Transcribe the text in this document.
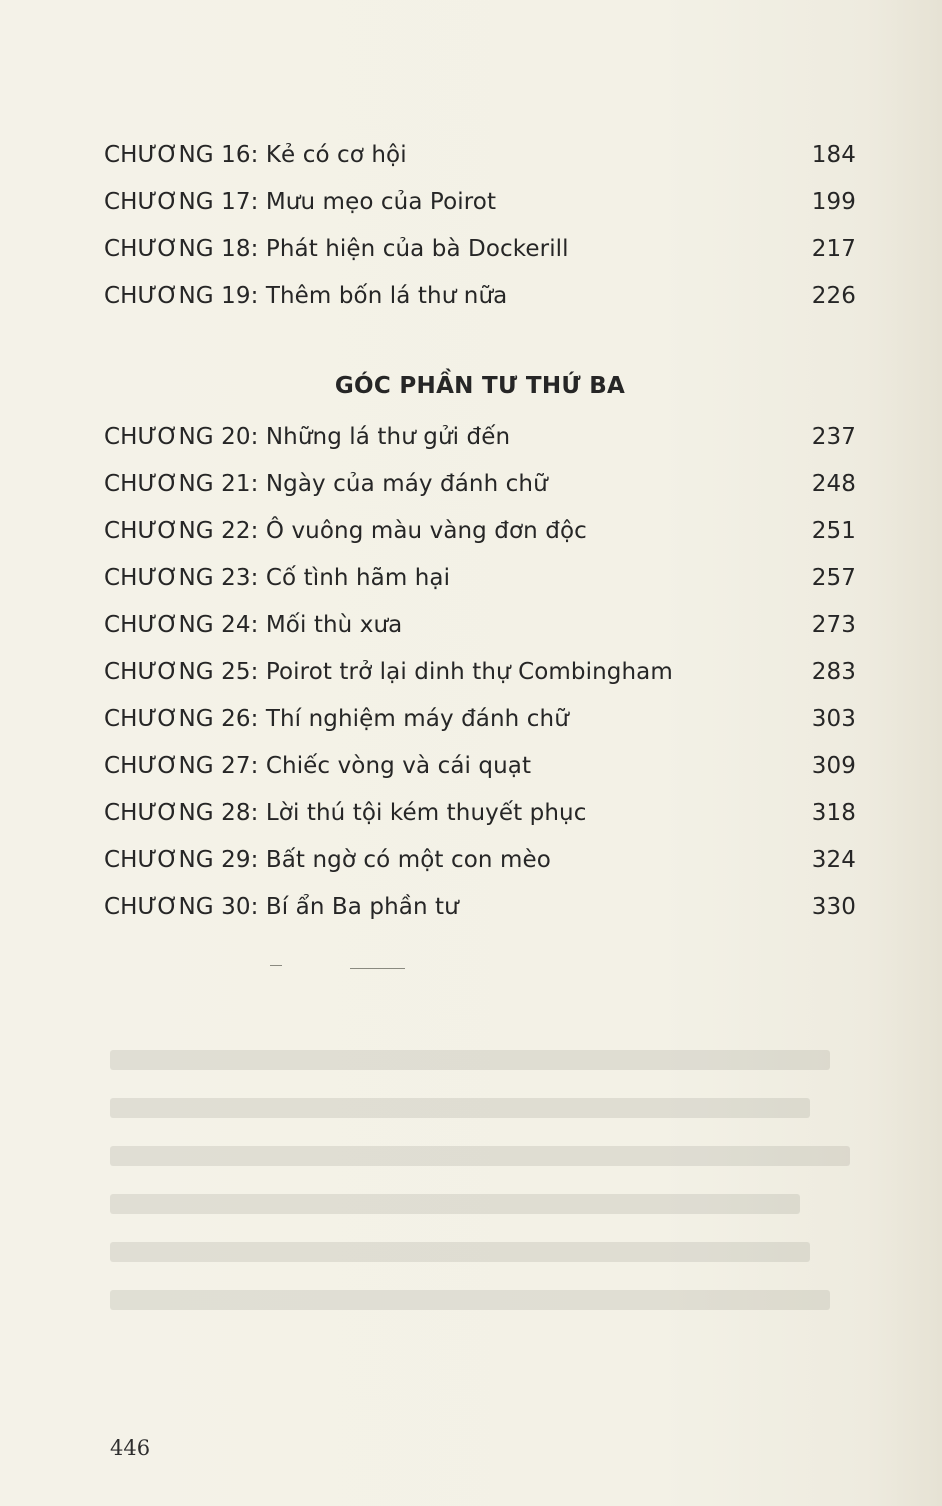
CHƯƠNG 16: Kẻ có cơ hội	184
CHƯƠNG 17: Mưu mẹo của Poirot	199
CHƯƠNG 18: Phát hiện của bà Dockerill	217
CHƯƠNG 19: Thêm bốn lá thư nữa	226
GÓC PHẦN TƯ THỨ BA
CHƯƠNG 20: Những lá thư gửi đến	237
CHƯƠNG 21: Ngày của máy đánh chữ	248
CHƯƠNG 22: Ô vuông màu vàng đơn độc	251
CHƯƠNG 23: Cố tình hãm hại	257
CHƯƠNG 24: Mối thù xưa	273
CHƯƠNG 25: Poirot trở lại dinh thự Combingham	283
CHƯƠNG 26: Thí nghiệm máy đánh chữ	303
CHƯƠNG 27: Chiếc vòng và cái quạt	309
CHƯƠNG 28: Lời thú tội kém thuyết phục	318
CHƯƠNG 29: Bất ngờ có một con mèo	324
CHƯƠNG 30: Bí ẩn Ba phần tư	330
446
